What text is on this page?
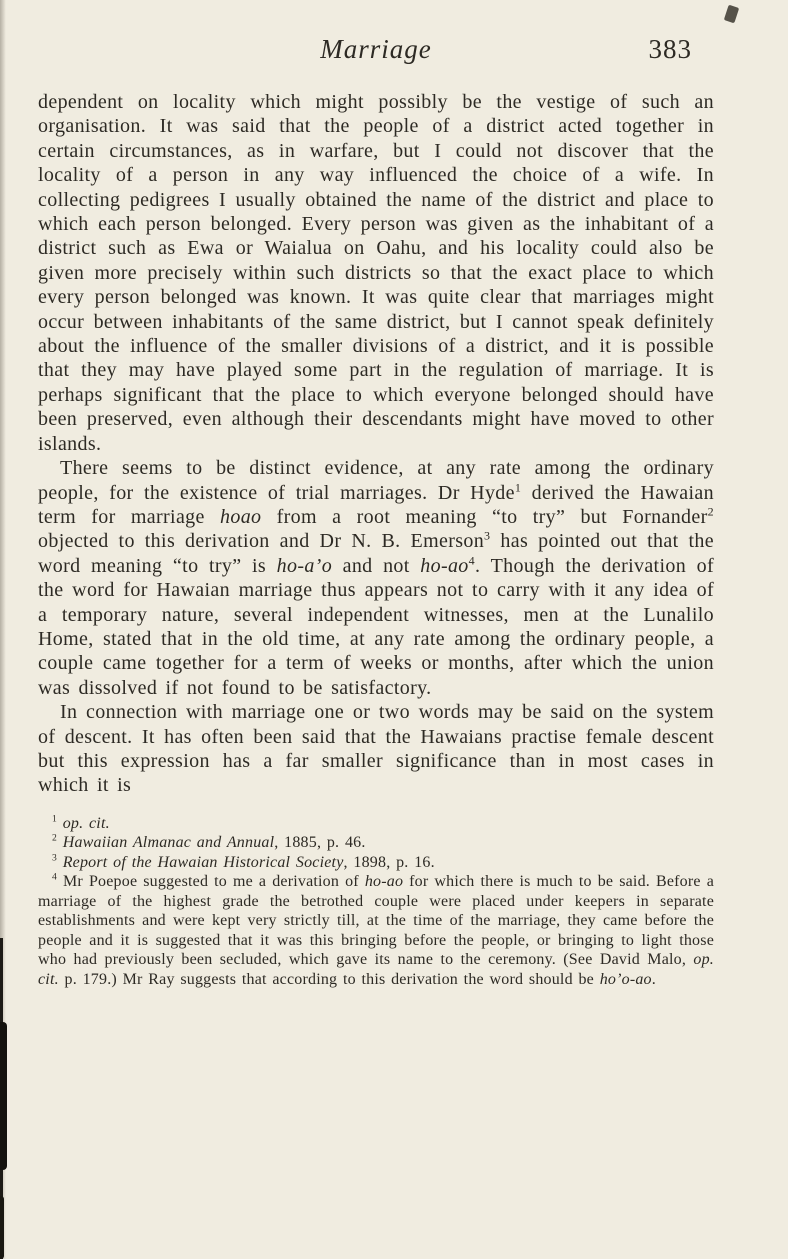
Marriage	383

dependent on locality which might possibly be the vestige of such an organisation. It was said that the people of a district acted together in certain circumstances, as in warfare, but I could not discover that the locality of a person in any way influenced the choice of a wife. In collecting pedigrees I usually obtained the name of the district and place to which each person belonged. Every person was given as the inhabitant of a district such as Ewa or Waialua on Oahu, and his locality could also be given more precisely within such districts so that the exact place to which every person belonged was known. It was quite clear that marriages might occur between inhabitants of the same district, but I cannot speak definitely about the influence of the smaller divisions of a district, and it is possible that they may have played some part in the regulation of marriage. It is perhaps significant that the place to which everyone belonged should have been preserved, even although their descendants might have moved to other islands.

There seems to be distinct evidence, at any rate among the ordinary people, for the existence of trial marriages. Dr Hyde$^1$ derived the Hawaian term for marriage hoao from a root meaning “to try” but Fornander$^2$ objected to this derivation and Dr N. B. Emerson$^3$ has pointed out that the word meaning “to try” is ho-a’o and not $ho-ao^4$. Though the derivation of the word for Hawaian marriage thus appears not to carry with it any idea of a temporary nature, several independent witnesses, men at the Lunalilo Home, stated that in the old time, at any rate among the ordinary people, a couple came together for a term of weeks or months, after which the union was dissolved if not found to be satisfactory.

In connection with marriage one or two words may be said on the system of descent. It has often been said that the Hawaians practise female descent but this expression has a far smaller significance than in most cases in which it is

$^1$ op. cit.

$^2$ Hawaiian Almanac and Annual, 1885, p. 46.

$^3$ Report of the Hawaian Historical Society, 1898, p. 16.

$^4$ Mr Poepoe suggested to me a derivation of ho-ao for which there is much to be said. Before a marriage of the highest grade the betrothed couple were placed under keepers in separate establishments and were kept very strictly till, at the time of the marriage, they came before the people and it is suggested that it was this bringing before the people, or bringing to light those who had previously been secluded, which gave its name to the ceremony. (See David Malo, op. cit. p. 179.) Mr Ray suggests that according to this derivation the word should be ho’o-ao.
